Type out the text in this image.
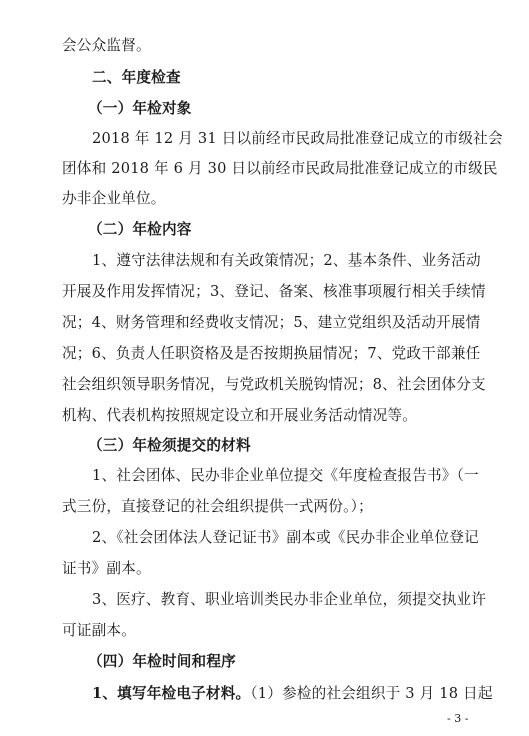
会公众监督。
二、年度检查
（一）年检对象
2018 年 12 月 31 日以前经市民政局批准登记成立的市级社会
团体和 2018 年 6 月 30 日以前经市民政局批准登记成立的市级民
办非企业单位。
（二）年检内容
1、遵守法律法规和有关政策情况；2、基本条件、业务活动
开展及作用发挥情况；3、登记、备案、核准事项履行相关手续情
况；4、财务管理和经费收支情况；5、建立党组织及活动开展情
况；6、负责人任职资格及是否按期换届情况；7、党政干部兼任
社会组织领导职务情况，与党政机关脱钩情况；8、社会团体分支
机构、代表机构按照规定设立和开展业务活动情况等。
（三）年检须提交的材料
1、社会团体、民办非企业单位提交《年度检查报告书》（一
式三份，直接登记的社会组织提供一式两份。）；
2、《社会团体法人登记证书》副本或《民办非企业单位登记
证书》副本。
3、医疗、教育、职业培训类民办非企业单位，须提交执业许
可证副本。
（四）年检时间和程序
1、填写年检电子材料。（1）参检的社会组织于 3 月 18 日起
- 3 -
